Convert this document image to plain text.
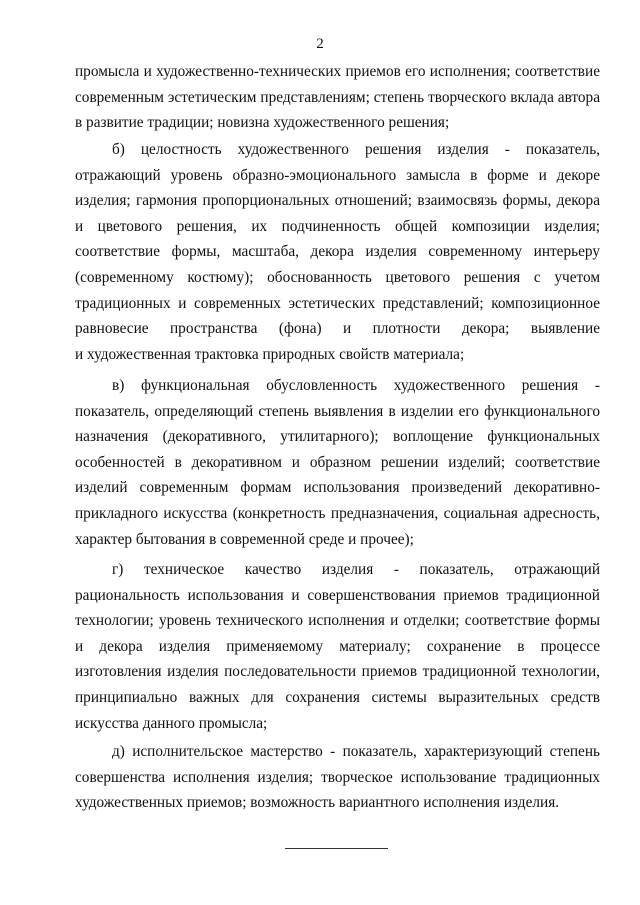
2
промысла и художественно-технических приемов его исполнения; соответствие
современным эстетическим представлениям; степень творческого вклада автора
в развитие традиции; новизна художественного решения;
б) целостность художественного решения изделия - показатель,
отражающий уровень образно-эмоционального замысла в форме и декоре
изделия; гармония пропорциональных отношений; взаимосвязь формы, декора
и цветового решения, их подчиненность общей композиции изделия;
соответствие формы, масштаба, декора изделия современному интерьеру
(современному костюму); обоснованность цветового решения с учетом
традиционных и современных эстетических представлений; композиционное
равновесие пространства (фона) и плотности декора; выявление
и художественная трактовка природных свойств материала;
в) функциональная обусловленность художественного решения -
показатель, определяющий степень выявления в изделии его функционального
назначения (декоративного, утилитарного); воплощение функциональных
особенностей в декоративном и образном решении изделий; соответствие
изделий современным формам использования произведений декоративно-
прикладного искусства (конкретность предназначения, социальная адресность,
характер бытования в современной среде и прочее);
г) техническое качество изделия - показатель, отражающий
рациональность использования и совершенствования приемов традиционной
технологии; уровень технического исполнения и отделки; соответствие формы
и декора изделия применяемому материалу; сохранение в процессе
изготовления изделия последовательности приемов традиционной технологии,
принципиально важных для сохранения системы выразительных средств
искусства данного промысла;
д) исполнительское мастерство - показатель, характеризующий степень
совершенства исполнения изделия; творческое использование традиционных
художественных приемов; возможность вариантного исполнения изделия.
